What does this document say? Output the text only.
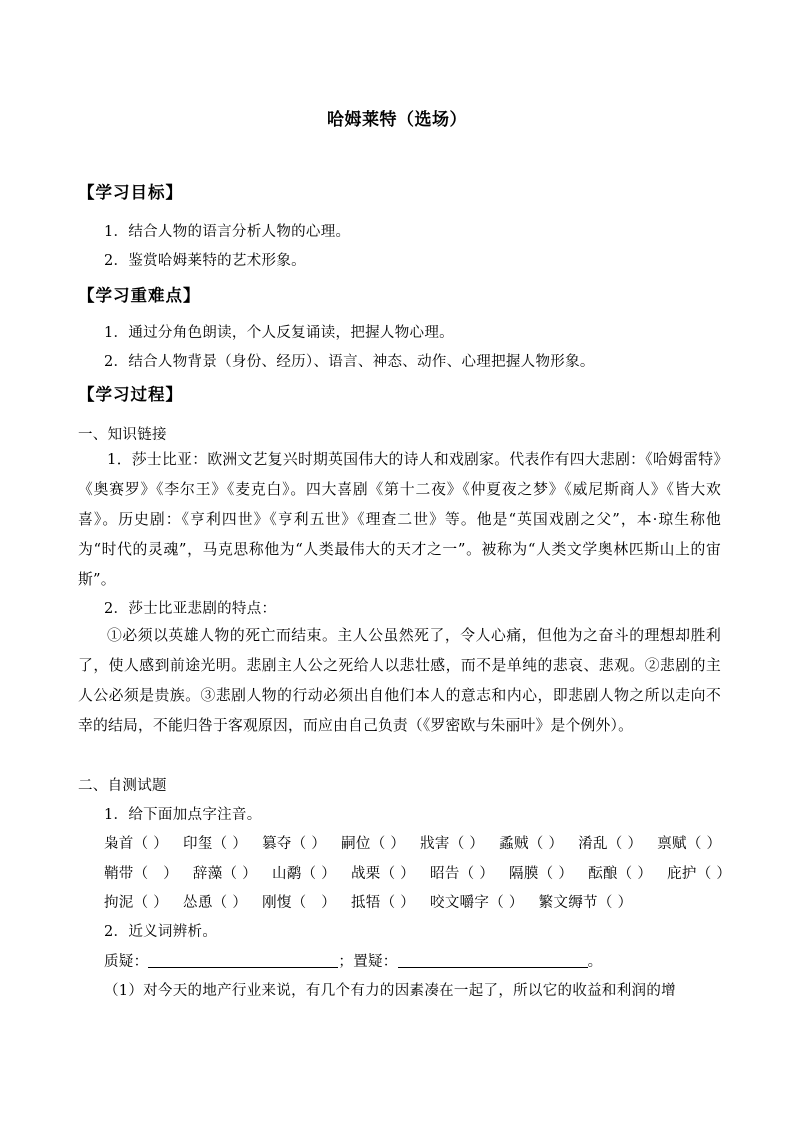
哈姆莱特（选场）
【学习目标】
1．结合人物的语言分析人物的心理。
2．鉴赏哈姆莱特的艺术形象。
【学习重难点】
1．通过分角色朗读，个人反复诵读，把握人物心理。
2．结合人物背景（身份、经历）、语言、神态、动作、心理把握人物形象。
【学习过程】
一、知识链接
1．莎士比亚：欧洲文艺复兴时期英国伟大的诗人和戏剧家。代表作有四大悲剧：《哈姆雷特》《奥赛罗》《李尔王》《麦克白》。四大喜剧《第十二夜》《仲夏夜之梦》《威尼斯商人》《皆大欢喜》。历史剧：《亨利四世》《亨利五世》《理查二世》等。他是“英国戏剧之父”，本·琼生称他为“时代的灵魂”，马克思称他为“人类最伟大的天才之一”。被称为“人类文学奥林匹斯山上的宙斯”。
2．莎士比亚悲剧的特点：
①必须以英雄人物的死亡而结束。主人公虽然死了，令人心痛，但他为之奋斗的理想却胜利了，使人感到前途光明。悲剧主人公之死给人以悲壮感，而不是单纯的悲哀、悲观。②悲剧的主人公必须是贵族。③悲剧人物的行动必须出自他们本人的意志和内心，即悲剧人物之所以走向不幸的结局，不能归咎于客观原因，而应由自己负责（《罗密欧与朱丽叶》是个例外）。
二、自测试题
1．给下面加点字注音。
枭首（ ） 印玺（ ） 篡夺（ ） 嗣位（ ） 戕害（ ） 蟊贼（ ） 淆乱（ ） 禀赋（ ）
鞘带（　） 辞藻（ ） 山鹬（ ） 战栗（ ） 昭告（ ） 隔膜（ ） 酝酿（ ） 庇护（ ）
拘泥（ ） 怂恿（ ） 刚愎（　） 抵牾（ ） 咬文嚼字（ ） 繁文缛节（ ）
2．近义词辨析。
质疑：	；置疑：	。
（1）对今天的地产行业来说，有几个有力的因素凑在一起了，所以它的收益和利润的增
